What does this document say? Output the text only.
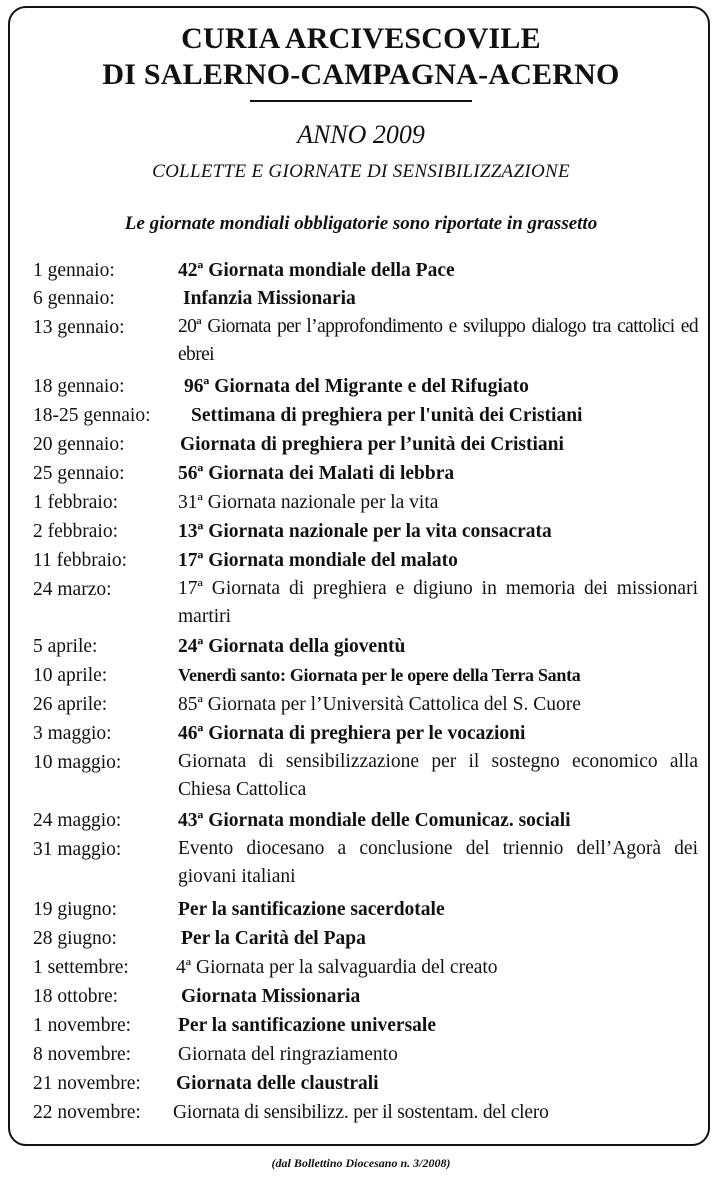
CURIA ARCIVESCOVILE
DI SALERNO-CAMPAGNA-ACERNO
ANNO 2009
COLLETTE E GIORNATE DI SENSIBILIZZAZIONE
Le giornate mondiali obbligatorie sono riportate in grassetto
1 gennaio:	42ª Giornata mondiale della Pace
6 gennaio:	Infanzia Missionaria
13 gennaio:	20ª Giornata per l’approfondimento e sviluppo dialogo tra cattolici ed ebrei
18 gennaio:	96ª Giornata del Migrante e del Rifugiato
18-25 gennaio: Settimana di preghiera per l'unità dei Cristiani
20 gennaio:	Giornata di preghiera per l’unità dei Cristiani
25 gennaio:	56ª Giornata dei Malati di lebbra
1 febbraio:	31ª Giornata nazionale per la vita
2 febbraio:	13ª Giornata nazionale per la vita consacrata
11 febbraio:	17ª Giornata mondiale del malato
24 marzo:	17ª Giornata di preghiera e digiuno in memoria dei missionari martiri
5 aprile:	24ª Giornata della gioventù
10 aprile:	Venerdì santo: Giornata per le opere della Terra Santa
26 aprile:	85ª Giornata per l’Università Cattolica del S. Cuore
3 maggio:	46ª Giornata di preghiera per le vocazioni
10 maggio:	Giornata di sensibilizzazione per il sostegno economico alla Chiesa Cattolica
24 maggio:	43ª Giornata mondiale delle Comunicaz. sociali
31 maggio:	Evento diocesano a conclusione del triennio dell’Agorà dei giovani italiani
19 giugno:	Per la santificazione sacerdotale
28 giugno:	Per la Carità del Papa
1 settembre: 4ª Giornata per la salvaguardia del creato
18 ottobre:	Giornata Missionaria
1 novembre: Per la santificazione universale
8 novembre: Giornata del ringraziamento
21 novembre: Giornata delle claustrali
22 novembre: Giornata di sensibilizz. per il sostentam. del clero
(dal Bollettino Diocesano n. 3/2008)
